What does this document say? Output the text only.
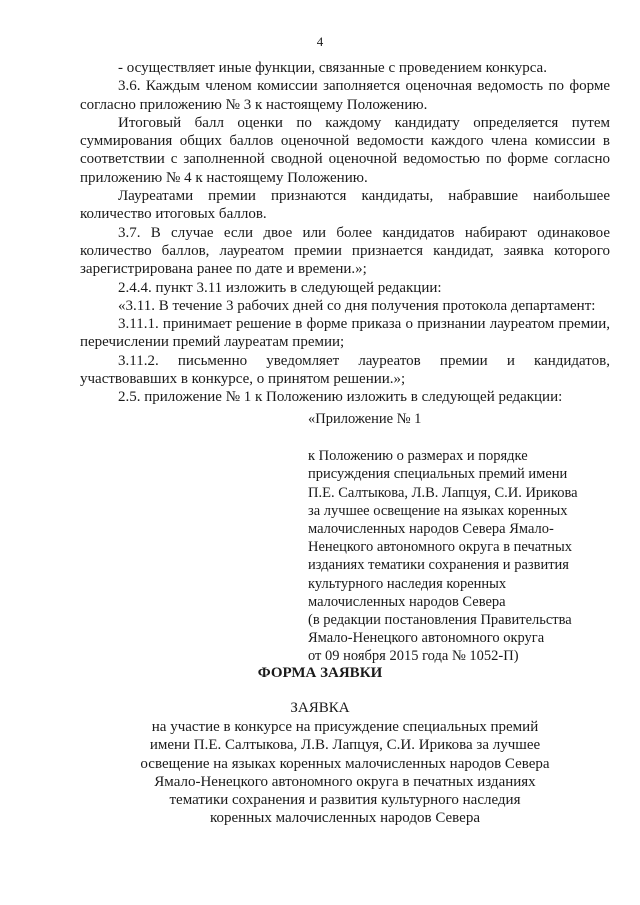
4

- осуществляет иные функции, связанные с проведением конкурса.

3.6. Каждым членом комиссии заполняется оценочная ведомость по форме согласно приложению № 3 к настоящему Положению.

Итоговый балл оценки по каждому кандидату определяется путем суммирования общих баллов оценочной ведомости каждого члена комиссии в соответствии с заполненной сводной оценочной ведомостью по форме согласно приложению № 4 к настоящему Положению.

Лауреатами премии признаются кандидаты, набравшие наибольшее количество итоговых баллов.

3.7. В случае если двое или более кандидатов набирают одинаковое количество баллов, лауреатом премии признается кандидат, заявка которого зарегистрирована ранее по дате и времени.»;

2.4.4. пункт 3.11 изложить в следующей редакции:

«3.11. В течение 3 рабочих дней со дня получения протокола департамент:

3.11.1. принимает решение в форме приказа о признании лауреатом премии, перечислении премий лауреатам премии;

3.11.2. письменно уведомляет лауреатов премии и кандидатов, участвовавших в конкурсе, о принятом решении.»;

2.5. приложение № 1 к Положению изложить в следующей редакции:

«Приложение № 1

к Положению о размерах и порядке

присуждения специальных премий имени

П.Е. Салтыкова, Л.В. Лапцуя, С.И. Ирикова

за лучшее освещение на языках коренных

малочисленных народов Севера Ямало-

Ненецкого автономного округа в печатных

изданиях тематики сохранения и развития

культурного наследия коренных

малочисленных народов Севера

(в редакции постановления Правительства

Ямало-Ненецкого автономного округа

от 09 ноября 2015 года № 1052-П)

ФОРМА ЗАЯВКИ
ЗАЯВКА
на участие в конкурсе на присуждение специальных премий
имени П.Е. Салтыкова, Л.В. Лапцуя, С.И. Ирикова за лучшее
освещение на языках коренных малочисленных народов Севера
Ямало-Ненецкого автономного округа в печатных изданиях
тематики сохранения и развития культурного наследия
коренных малочисленных народов Севера
